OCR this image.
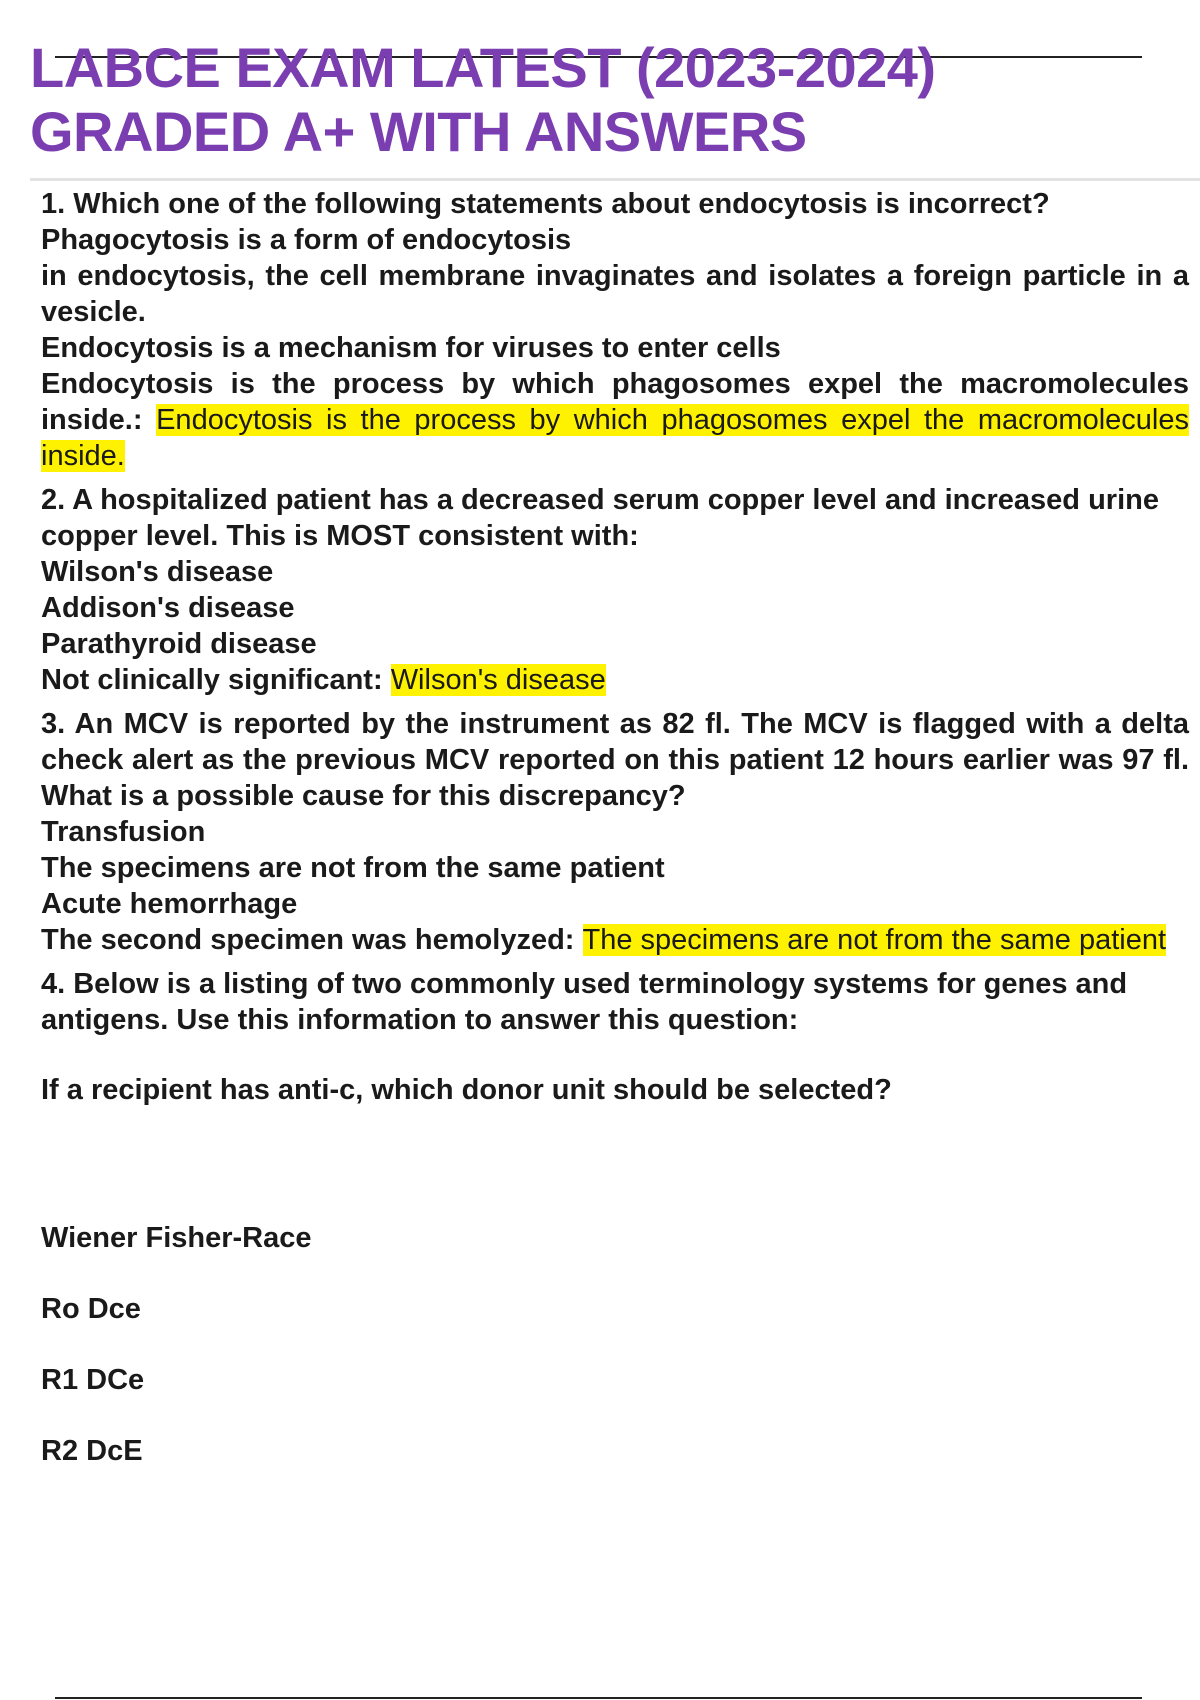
LABCE EXAM LATEST (2023-2024)
GRADED A+ WITH ANSWERS
1. Which one of the following statements about endocytosis is incorrect?
Phagocytosis is a form of endocytosis
in endocytosis, the cell membrane invaginates and isolates a foreign particle in a vesicle.
Endocytosis is a mechanism for viruses to enter cells
Endocytosis is the process by which phagosomes expel the macromolecules inside.: Endocytosis is the process by which phagosomes expel the macromolecules inside.
2. A hospitalized patient has a decreased serum copper level and increased urine copper level. This is MOST consistent with:
Wilson's disease
Addison's disease
Parathyroid disease
Not clinically significant: Wilson's disease
3. An MCV is reported by the instrument as 82 fl. The MCV is flagged with a delta check alert as the previous MCV reported on this patient 12 hours earlier was 97 fl. What is a possible cause for this discrepancy?
Transfusion
The specimens are not from the same patient
Acute hemorrhage
The second specimen was hemolyzed: The specimens are not from the same patient
4. Below is a listing of two commonly used terminology systems for genes and antigens. Use this information to answer this question:
If a recipient has anti-c, which donor unit should be selected?
Wiener Fisher-Race
Ro Dce
R1 DCe
R2 DcE
